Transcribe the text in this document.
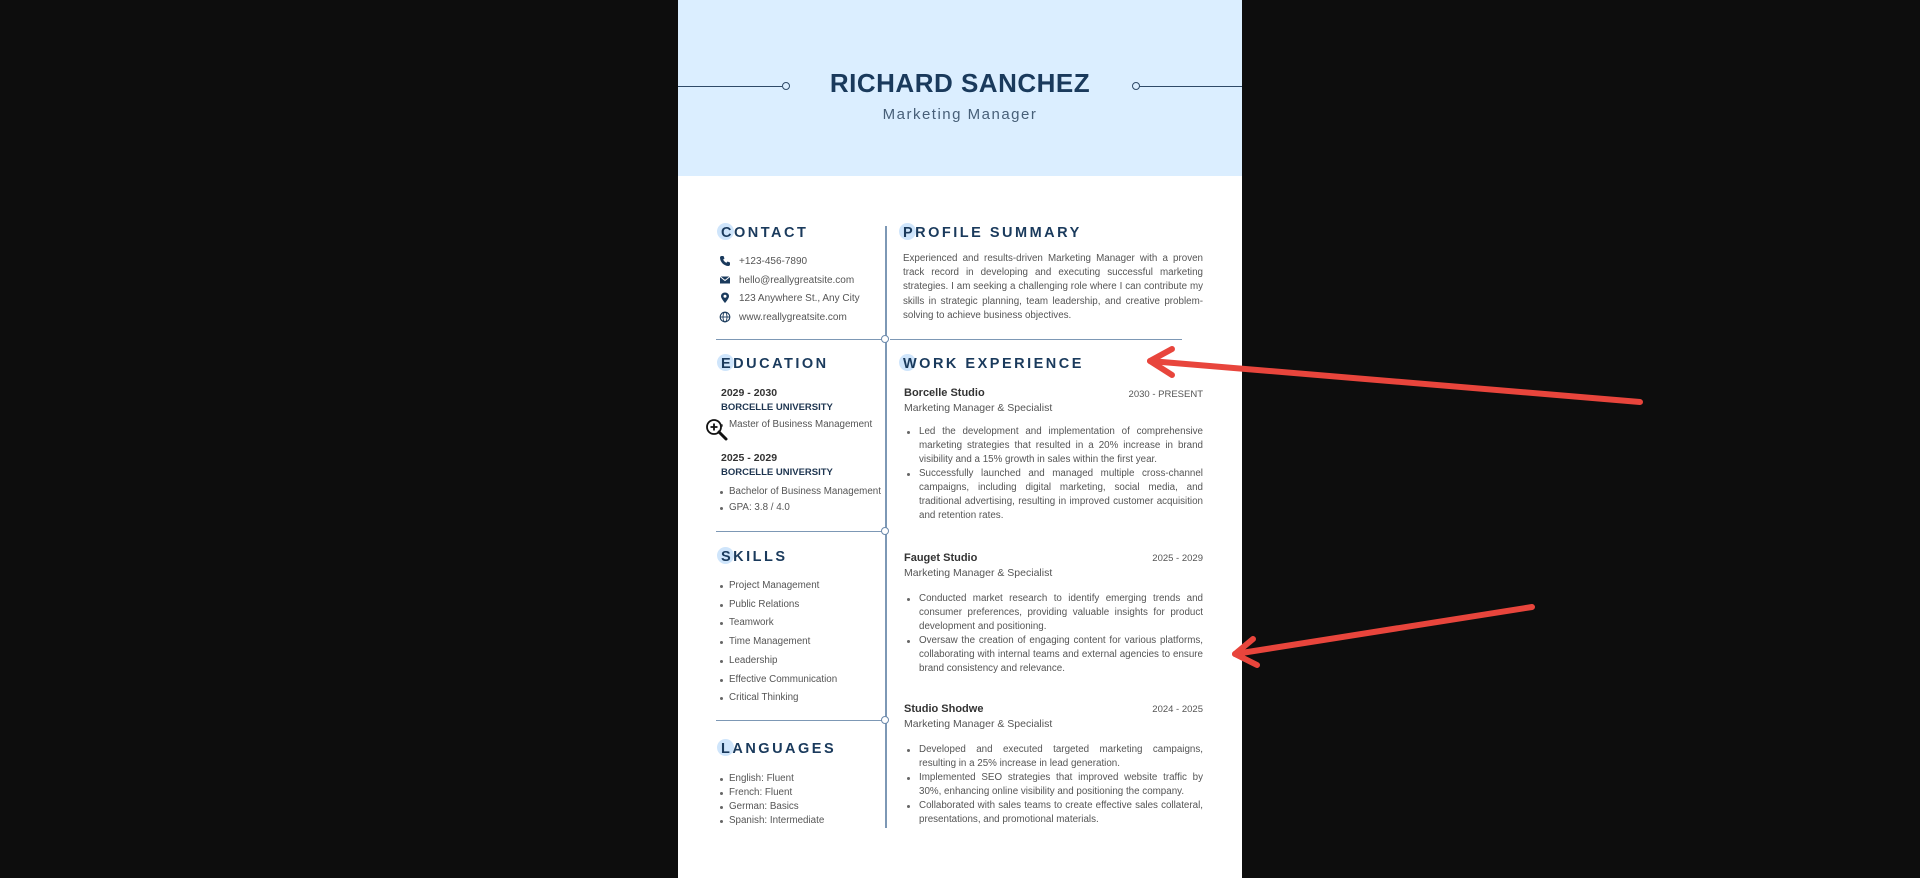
RICHARD SANCHEZ
Marketing Manager
CONTACT
+123-456-7890
hello@reallygreatsite.com
123 Anywhere St., Any City
www.reallygreatsite.com
EDUCATION
2029 - 2030
BORCELLE UNIVERSITY
Master of Business Management
2025 - 2029
BORCELLE UNIVERSITY
Bachelor of Business Management
GPA: 3.8 / 4.0
SKILLS
Project Management
Public Relations
Teamwork
Time Management
Leadership
Effective Communication
Critical Thinking
LANGUAGES
English: Fluent
French: Fluent
German: Basics
Spanish: Intermediate
PROFILE SUMMARY

Experienced and results-driven Marketing Manager with a proven track record in developing and executing successful marketing strategies. I am seeking a challenging role where I can contribute my skills in strategic planning, team leadership, and creative problem-solving to achieve business objectives.

WORK EXPERIENCE
Borcelle Studio	2030 - PRESENT
Marketing Manager & Specialist

Led the development and implementation of comprehensive marketing strategies that resulted in a 20% increase in brand visibility and a 15% growth in sales within the first year.

Successfully launched and managed multiple cross-channel campaigns, including digital marketing, social media, and traditional advertising, resulting in improved customer acquisition and retention rates.

Fauget Studio	2025 - 2029
Marketing Manager & Specialist

Conducted market research to identify emerging trends and consumer preferences, providing valuable insights for product development and positioning.

Oversaw the creation of engaging content for various platforms, collaborating with internal teams and external agencies to ensure brand consistency and relevance.

Studio Shodwe	2024 - 2025
Marketing Manager & Specialist

Developed and executed targeted marketing campaigns, resulting in a 25% increase in lead generation.

Implemented SEO strategies that improved website traffic by 30%, enhancing online visibility and positioning the company.

Collaborated with sales teams to create effective sales collateral, presentations, and promotional materials.
